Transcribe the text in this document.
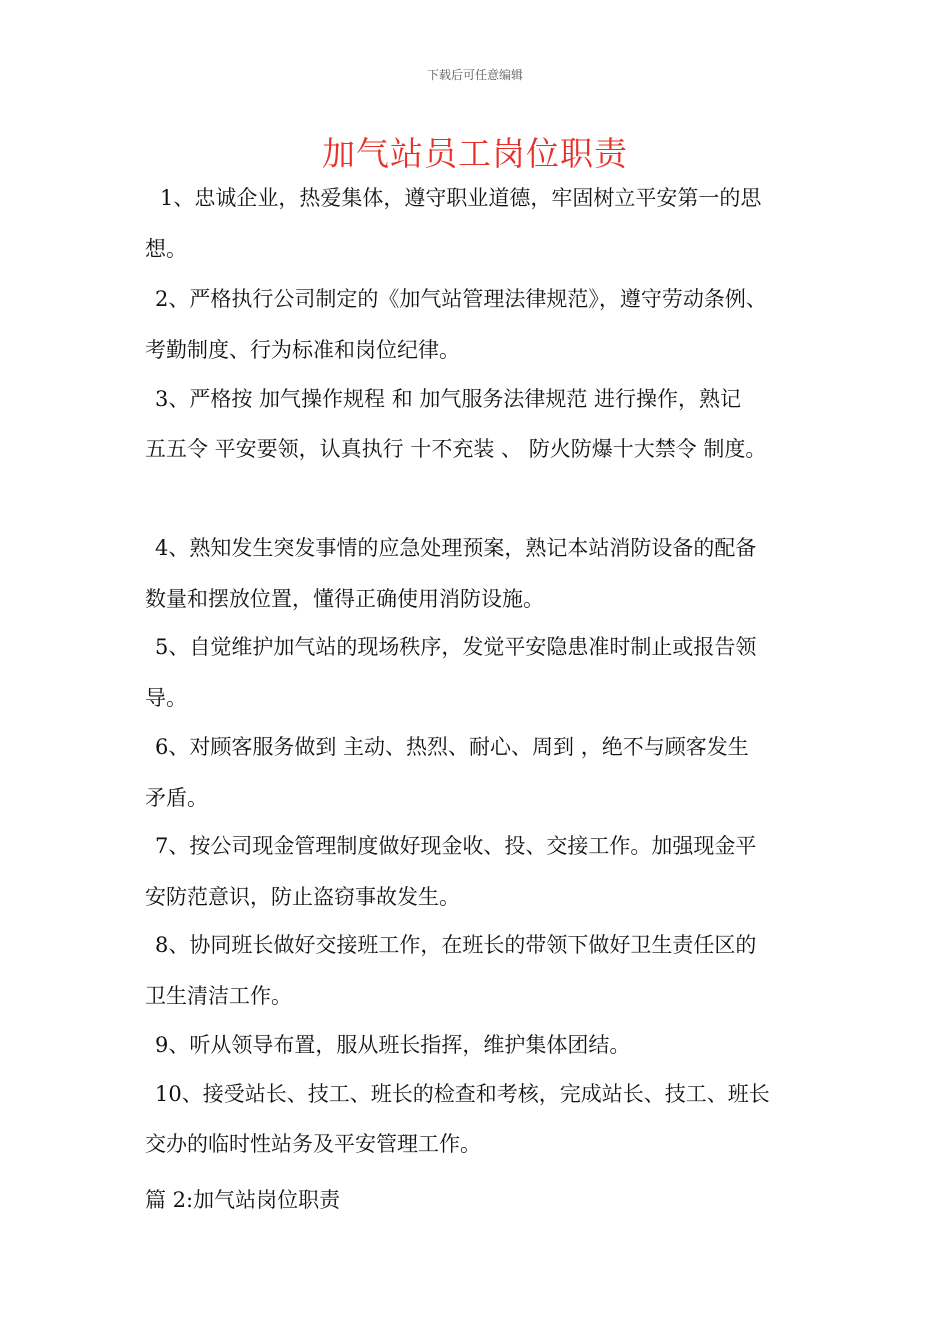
下载后可任意编辑
加气站员工岗位职责
1、忠诚企业，热爱集体，遵守职业道德，牢固树立平安第一的思
想。
2、严格执行公司制定的《加气站管理法律规范》，遵守劳动条例、
考勤制度、行为标准和岗位纪律。
3、严格按 加气操作规程 和 加气服务法律规范 进行操作，熟记
五五令 平安要领，认真执行 十不充装 、 防火防爆十大禁令 制度。
4、熟知发生突发事情的应急处理预案，熟记本站消防设备的配备
数量和摆放位置，懂得正确使用消防设施。
5、自觉维护加气站的现场秩序，发觉平安隐患准时制止或报告领
导。
6、对顾客服务做到 主动、热烈、耐心、周到 ，绝不与顾客发生
矛盾。
7、按公司现金管理制度做好现金收、投、交接工作。加强现金平
安防范意识，防止盗窃事故发生。
8、协同班长做好交接班工作，在班长的带领下做好卫生责任区的
卫生清洁工作。
9、听从领导布置，服从班长指挥，维护集体团结。
10、接受站长、技工、班长的检查和考核，完成站长、技工、班长
交办的临时性站务及平安管理工作。
篇 2:加气站岗位职责
